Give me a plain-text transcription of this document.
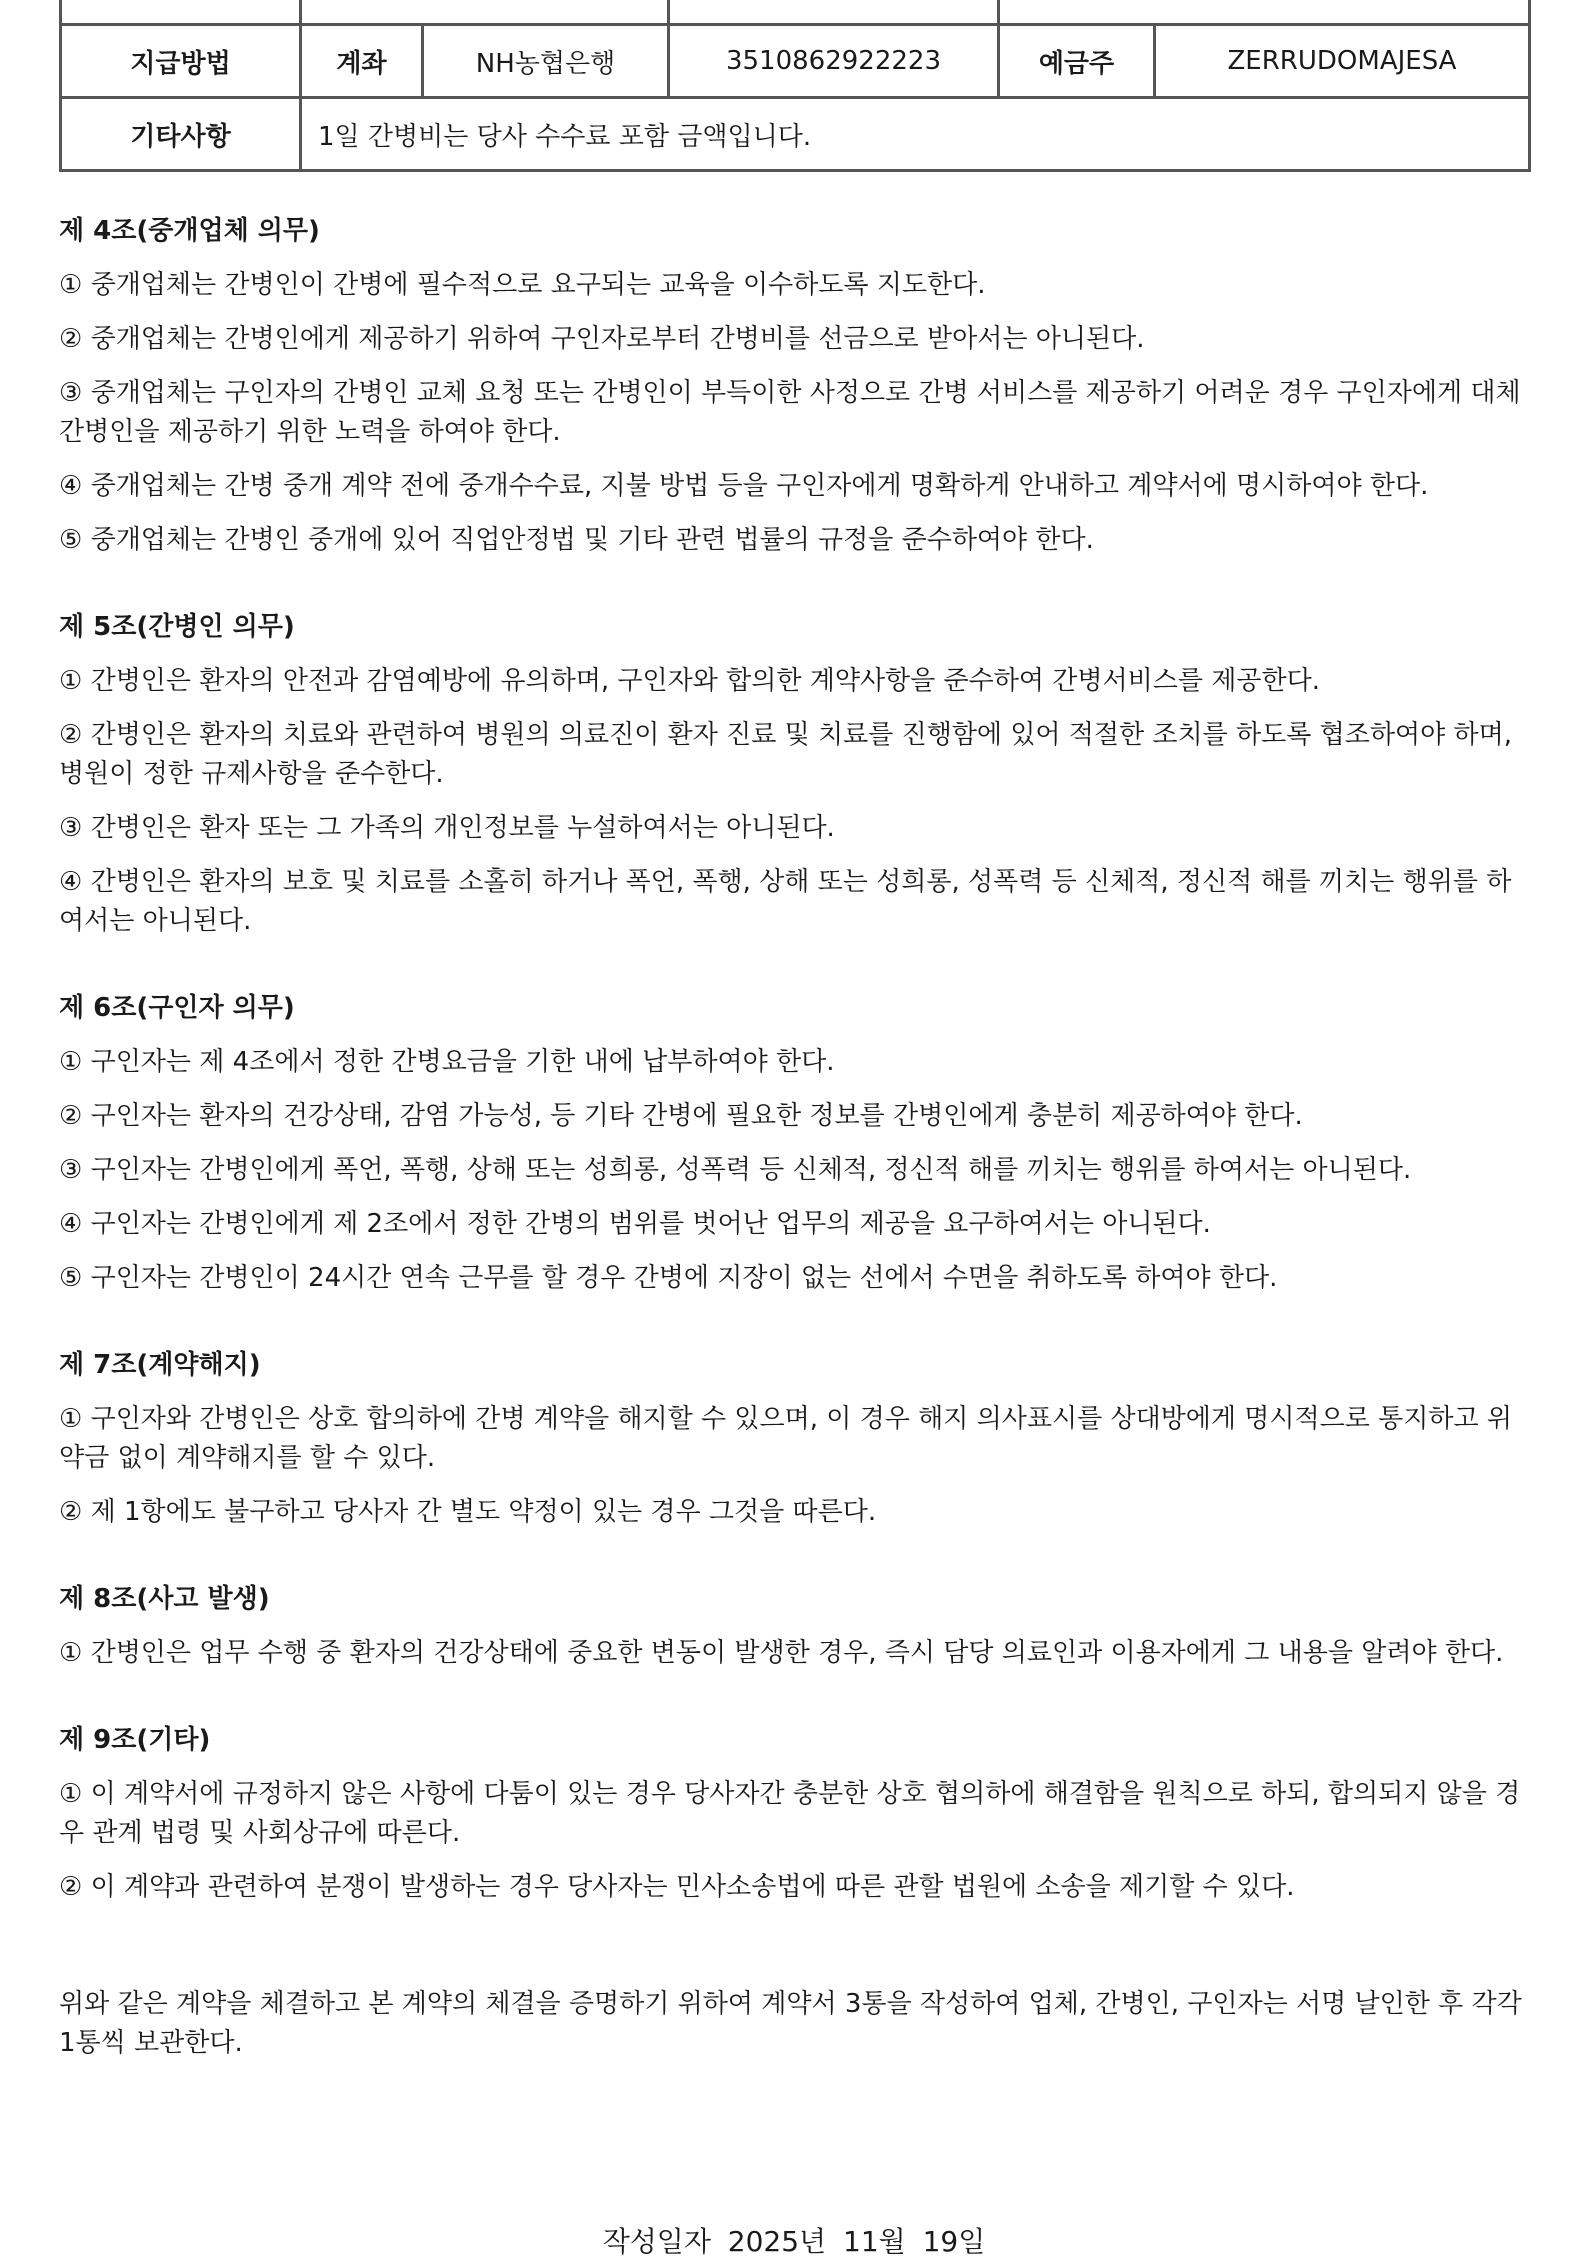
지급방법	계좌	NH농협은행	3510862922223	예금주	ZERRUDOMAJESA
기타사항	1일 간병비는 당사 수수료 포함 금액입니다.				
제 4조(중개업체 의무)
① 중개업체는 간병인이 간병에 필수적으로 요구되는 교육을 이수하도록 지도한다.
② 중개업체는 간병인에게 제공하기 위하여 구인자로부터 간병비를 선금으로 받아서는 아니된다.
③ 중개업체는 구인자의 간병인 교체 요청 또는 간병인이 부득이한 사정으로 간병 서비스를 제공하기 어려운 경우 구인자에게 대체 간병인을 제공하기 위한 노력을 하여야 한다.
④ 중개업체는 간병 중개 계약 전에 중개수수료, 지불 방법 등을 구인자에게 명확하게 안내하고 계약서에 명시하여야 한다.
⑤ 중개업체는 간병인 중개에 있어 직업안정법 및 기타 관련 법률의 규정을 준수하여야 한다.
제 5조(간병인 의무)
① 간병인은 환자의 안전과 감염예방에 유의하며, 구인자와 합의한 계약사항을 준수하여 간병서비스를 제공한다.
② 간병인은 환자의 치료와 관련하여 병원의 의료진이 환자 진료 및 치료를 진행함에 있어 적절한 조치를 하도록 협조하여야 하며, 병원이 정한 규제사항을 준수한다.
③ 간병인은 환자 또는 그 가족의 개인정보를 누설하여서는 아니된다.
④ 간병인은 환자의 보호 및 치료를 소홀히 하거나 폭언, 폭행, 상해 또는 성희롱, 성폭력 등 신체적, 정신적 해를 끼치는 행위를 하여서는 아니된다.
제 6조(구인자 의무)
① 구인자는 제 4조에서 정한 간병요금을 기한 내에 납부하여야 한다.
② 구인자는 환자의 건강상태, 감염 가능성, 등 기타 간병에 필요한 정보를 간병인에게 충분히 제공하여야 한다.
③ 구인자는 간병인에게 폭언, 폭행, 상해 또는 성희롱, 성폭력 등 신체적, 정신적 해를 끼치는 행위를 하여서는 아니된다.
④ 구인자는 간병인에게 제 2조에서 정한 간병의 범위를 벗어난 업무의 제공을 요구하여서는 아니된다.
⑤ 구인자는 간병인이 24시간 연속 근무를 할 경우 간병에 지장이 없는 선에서 수면을 취하도록 하여야 한다.
제 7조(계약해지)
① 구인자와 간병인은 상호 합의하에 간병 계약을 해지할 수 있으며, 이 경우 해지 의사표시를 상대방에게 명시적으로 통지하고 위약금 없이 계약해지를 할 수 있다.
② 제 1항에도 불구하고 당사자 간 별도 약정이 있는 경우 그것을 따른다.
제 8조(사고 발생)
① 간병인은 업무 수행 중 환자의 건강상태에 중요한 변동이 발생한 경우, 즉시 담당 의료인과 이용자에게 그 내용을 알려야 한다.
제 9조(기타)
① 이 계약서에 규정하지 않은 사항에 다툼이 있는 경우 당사자간 충분한 상호 협의하에 해결함을 원칙으로 하되, 합의되지 않을 경우 관계 법령 및 사회상규에 따른다.
② 이 계약과 관련하여 분쟁이 발생하는 경우 당사자는 민사소송법에 따른 관할 법원에 소송을 제기할 수 있다.
위와 같은 계약을 체결하고 본 계약의 체결을 증명하기 위하여 계약서 3통을 작성하여 업체, 간병인, 구인자는 서명 날인한 후 각각 1통씩 보관한다.
작성일자 2025년 11월 19일
